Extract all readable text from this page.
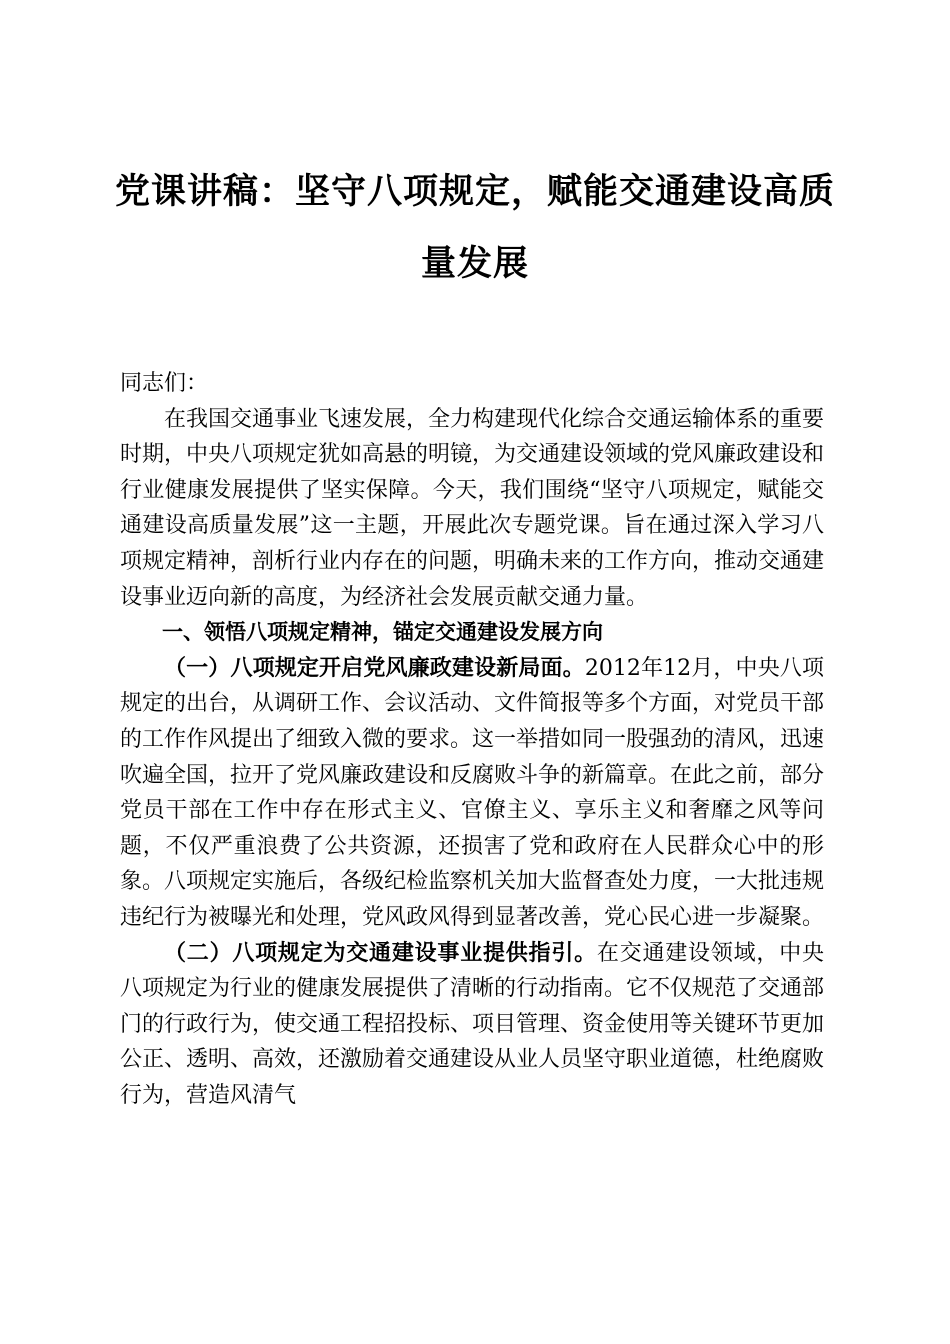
党课讲稿：坚守八项规定，赋能交通建设高质
量发展

同志们：

在我国交通事业飞速发展，全力构建现代化综合交通运输体系的重要时期，中央八项规定犹如高悬的明镜，为交通建设领域的党风廉政建设和行业健康发展提供了坚实保障。今天，我们围绕“坚守八项规定，赋能交通建设高质量发展”这一主题，开展此次专题党课。旨在通过深入学习八项规定精神，剖析行业内存在的问题，明确未来的工作方向，推动交通建设事业迈向新的高度，为经济社会发展贡献交通力量。

一、领悟八项规定精神，锚定交通建设发展方向

（一）八项规定开启党风廉政建设新局面。2012年12月，中央八项规定的出台，从调研工作、会议活动、文件简报等多个方面，对党员干部的工作作风提出了细致入微的要求。这一举措如同一股强劲的清风，迅速吹遍全国，拉开了党风廉政建设和反腐败斗争的新篇章。在此之前，部分党员干部在工作中存在形式主义、官僚主义、享乐主义和奢靡之风等问题，不仅严重浪费了公共资源，还损害了党和政府在人民群众心中的形象。八项规定实施后，各级纪检监察机关加大监督查处力度，一大批违规违纪行为被曝光和处理，党风政风得到显著改善，党心民心进一步凝聚。

（二）八项规定为交通建设事业提供指引。在交通建设领域，中央八项规定为行业的健康发展提供了清晰的行动指南。它不仅规范了交通部门的行政行为，使交通工程招投标、项目管理、资金使用等关键环节更加公正、透明、高效，还激励着交通建设从业人员坚守职业道德，杜绝腐败行为，营造风清气
